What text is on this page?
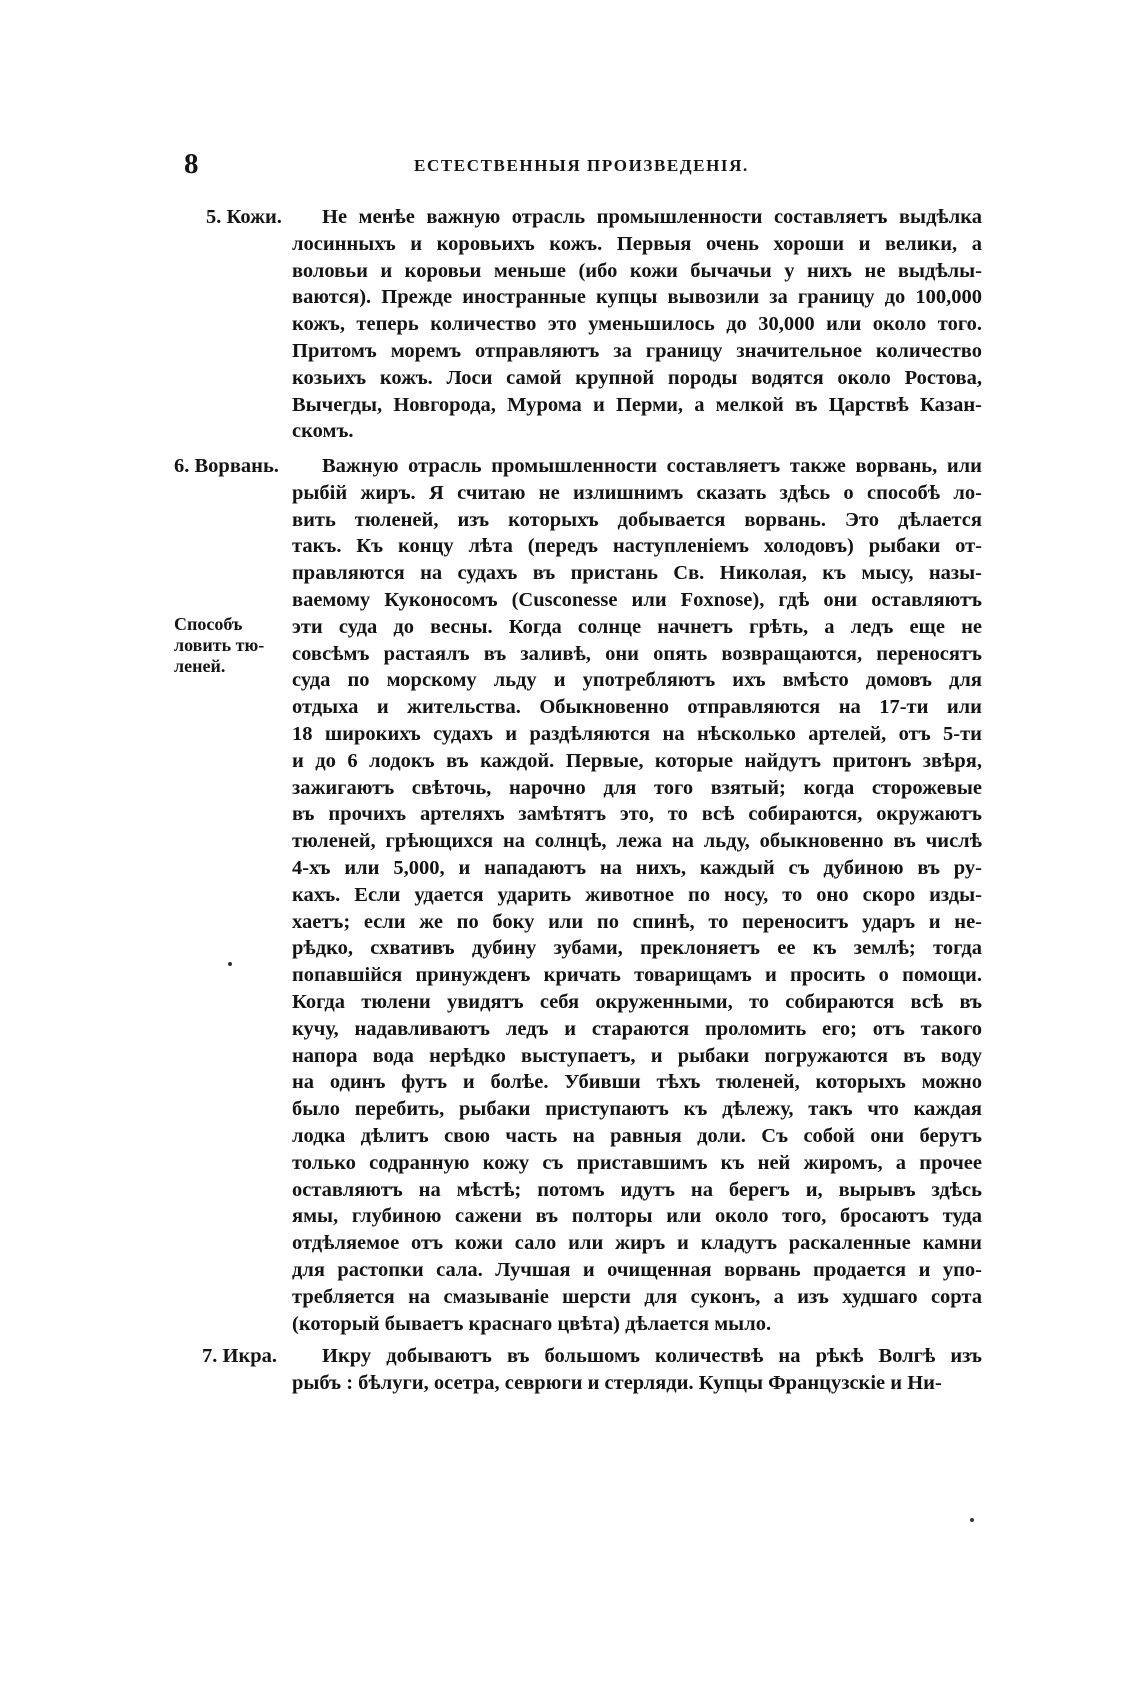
8	ЕСТЕСТВЕННЫЯ ПРОИЗВЕДЕНIЯ.
5. Кожи.	Не менѣе важную отрасль промышленности составляетъ выдѣлка
лосинныхъ и коровьихъ кожъ. Первыя очень хороши и велики, а
воловьи и коровьи меньше (ибо кожи бычачьи у нихъ не выдѣлы-
ваются). Прежде иностранные купцы вывозили за границу до 100,000
кожъ, теперь количество это уменьшилось до 30,000 или около того.
Притомъ моремъ отправляютъ за границу значительное количество
козьихъ кожъ. Лоси самой крупной породы водятся около Ростова,
Вычегды, Новгорода, Мурома и Перми, а мелкой въ Царствѣ Казан-
скомъ.
6. Ворвань.
Способъ ловить тю-леней.
Важную отрасль промышленности составляетъ также ворвань, или
рыбій жиръ. Я считаю не излишнимъ сказать здѣсь о способѣ ло-
вить тюленей, изъ которыхъ добывается ворвань. Это дѣлается
такъ. Къ концу лѣта (передъ наступленіемъ холодовъ) рыбаки от-
правляются на судахъ въ пристань Св. Николая, къ мысу, назы-
ваемому Куконосомъ (Cusconesse или Foxnose), гдѣ они оставляютъ
эти суда до весны. Когда солнце начнетъ грѣть, а ледъ еще не
совсѣмъ растаялъ въ заливѣ, они опять возвращаются, переносятъ
суда по морскому льду и употребляютъ ихъ вмѣсто домовъ для
отдыха и жительства. Обыкновенно отправляются на 17-ти или
18 широкихъ судахъ и раздѣляются на нѣсколько артелей, отъ 5-ти
и до 6 лодокъ въ каждой. Первые, которые найдутъ притонъ звѣря,
зажигаютъ свѣточь, нарочно для того взятый; когда сторожевые
въ прочихъ артеляхъ замѣтятъ это, то всѣ собираются, окружаютъ
тюленей, грѣющихся на солнцѣ, лежа на льду, обыкновенно въ числѣ
4-хъ или 5,000, и нападаютъ на нихъ, каждый съ дубиною въ ру-
кахъ. Если удается ударить животное по носу, то оно скоро изды-
хаетъ; если же по боку или по спинѣ, то переноситъ ударъ и не-
рѣдко, схвативъ дубину зубами, преклоняетъ ее къ землѣ; тогда
попавшійся принужденъ кричать товарищамъ и просить о помощи.
Когда тюлени увидятъ себя окруженными, то собираются всѣ въ
кучу, надавливаютъ ледъ и стараются проломить его; отъ такого
напора вода нерѣдко выступаетъ, и рыбаки погружаются въ воду
на одинъ футъ и болѣе. Убивши тѣхъ тюленей, которыхъ можно
было перебить, рыбаки приступаютъ къ дѣлежу, такъ что каждая
лодка дѣлитъ свою часть на равныя доли. Съ собой они берутъ
только содранную кожу съ приставшимъ къ ней жиромъ, а прочее
оставляютъ на мѣстѣ; потомъ идутъ на берегъ и, вырывъ здѣсь
ямы, глубиною сажени въ полторы или около того, бросаютъ туда
отдѣляемое отъ кожи сало или жиръ и кладутъ раскаленные камни
для растопки сала. Лучшая и очищенная ворвань продается и упо-
требляется на смазыванiе шерсти для суконъ, а изъ худшаго сорта
(который бываетъ краснаго цвѣта) дѣлается мыло.
7. Икра.	Икру добываютъ въ большомъ количествѣ на рѣкѣ Волгѣ изъ
рыбъ : бѣлуги, осетра, севрюги и стерляди. Купцы Французскіе и Ни-
